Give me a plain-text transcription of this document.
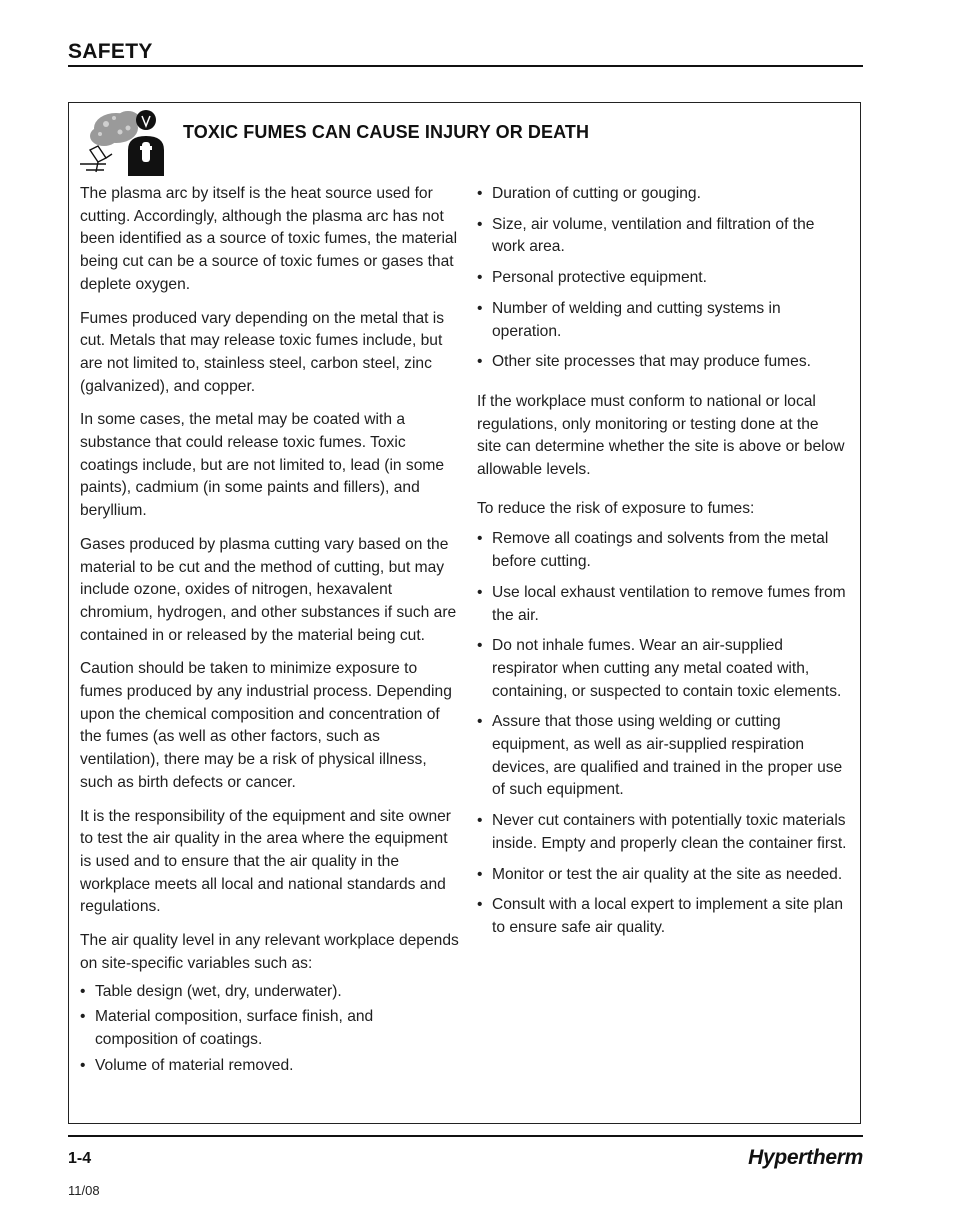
SAFETY
TOXIC FUMES CAN CAUSE INJURY OR DEATH

The plasma arc by itself is the heat source used for cutting. Accordingly, although the plasma arc has not been identified as a source of toxic fumes, the material being cut can be a source of toxic fumes or gases that deplete oxygen.

Fumes produced vary depending on the metal that is cut. Metals that may release toxic fumes include, but are not limited to, stainless steel, carbon steel, zinc (galvanized), and copper.

In some cases, the metal may be coated with a substance that could release toxic fumes. Toxic coatings include, but are not limited to, lead (in some paints), cadmium (in some paints and fillers), and beryllium.

Gases produced by plasma cutting vary based on the material to be cut and the method of cutting, but may include ozone, oxides of nitrogen, hexavalent chromium, hydrogen, and other substances if such are contained in or released by the material being cut.

Caution should be taken to minimize exposure to fumes produced by any industrial process. Depending upon the chemical composition and concentration of the fumes (as well as other factors, such as ventilation), there may be a risk of physical illness, such as birth defects or cancer.

It is the responsibility of the equipment and site owner to test the air quality in the area where the equipment is used and to ensure that the air quality in the workplace meets all local and national standards and regulations.

The air quality level in any relevant workplace depends on site-specific variables such as:

• Table design (wet, dry, underwater).
• Material composition, surface finish, and composition of coatings.
• Volume of material removed.
• Duration of cutting or gouging.
• Size, air volume, ventilation and filtration of the work area.
• Personal protective equipment.
• Number of welding and cutting systems in operation.
• Other site processes that may produce fumes.

If the workplace must conform to national or local regulations, only monitoring or testing done at the site can determine whether the site is above or below allowable levels.

To reduce the risk of exposure to fumes:

• Remove all coatings and solvents from the metal before cutting.
• Use local exhaust ventilation to remove fumes from the air.
• Do not inhale fumes. Wear an air-supplied respirator when cutting any metal coated with, containing, or suspected to contain toxic elements.
• Assure that those using welding or cutting equipment, as well as air-supplied respiration devices, are qualified and trained in the proper use of such equipment.
• Never cut containers with potentially toxic materials inside. Empty and properly clean the container first.
• Monitor or test the air quality at the site as needed.
• Consult with a local expert to implement a site plan to ensure safe air quality.
1-4
11/08
Hypertherm
